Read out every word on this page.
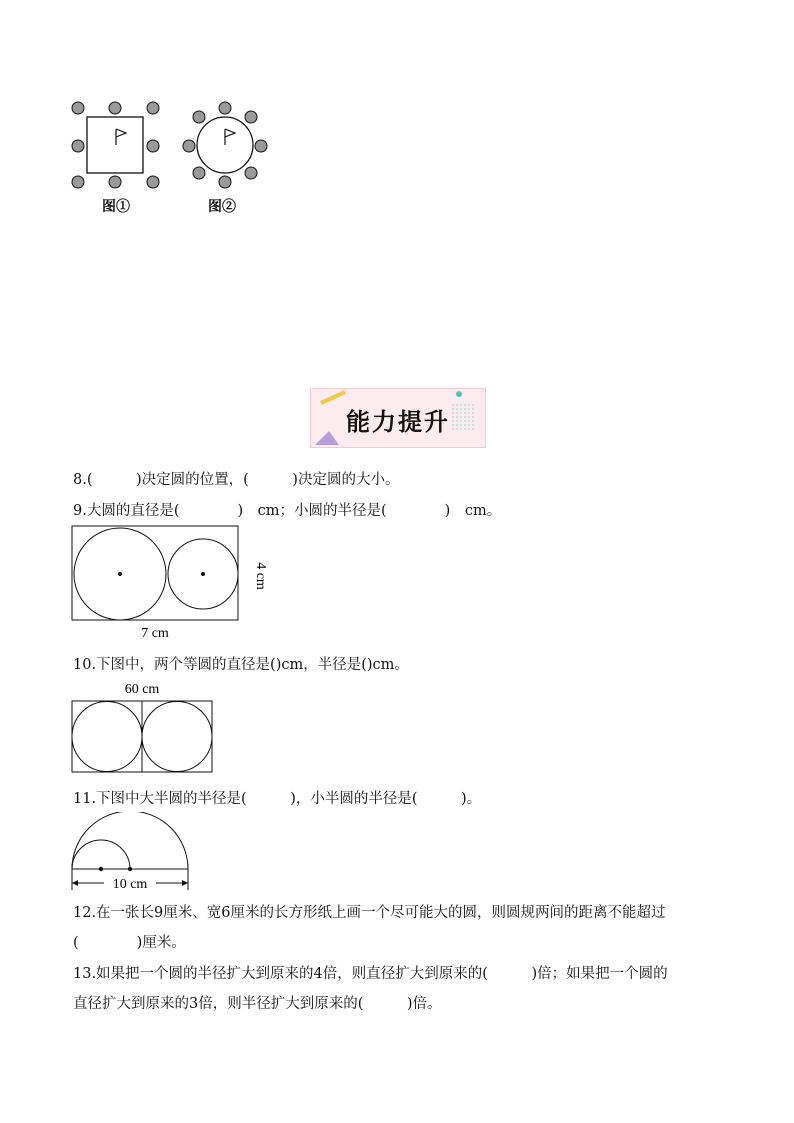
图①	图②
能力提升
8.(　　　)决定圆的位置，(　　　)决定圆的大小。
9.大圆的直径是(　　　　)　cm；小圆的半径是(　　　　)　cm。
4 cm
7 cm
10.下图中，两个等圆的直径是()cm，半径是()cm。
60 cm
11.下图中大半圆的半径是(　　　)，小半圆的半径是(　　　)。
10 cm
12.在一张长9厘米、宽6厘米的长方形纸上画一个尽可能大的圆，则圆规两间的距离不能超过
(　　　　)厘米。
13.如果把一个圆的半径扩大到原来的4倍，则直径扩大到原来的(　　　)倍；如果把一个圆的
直径扩大到原来的3倍，则半径扩大到原来的(　　　)倍。
